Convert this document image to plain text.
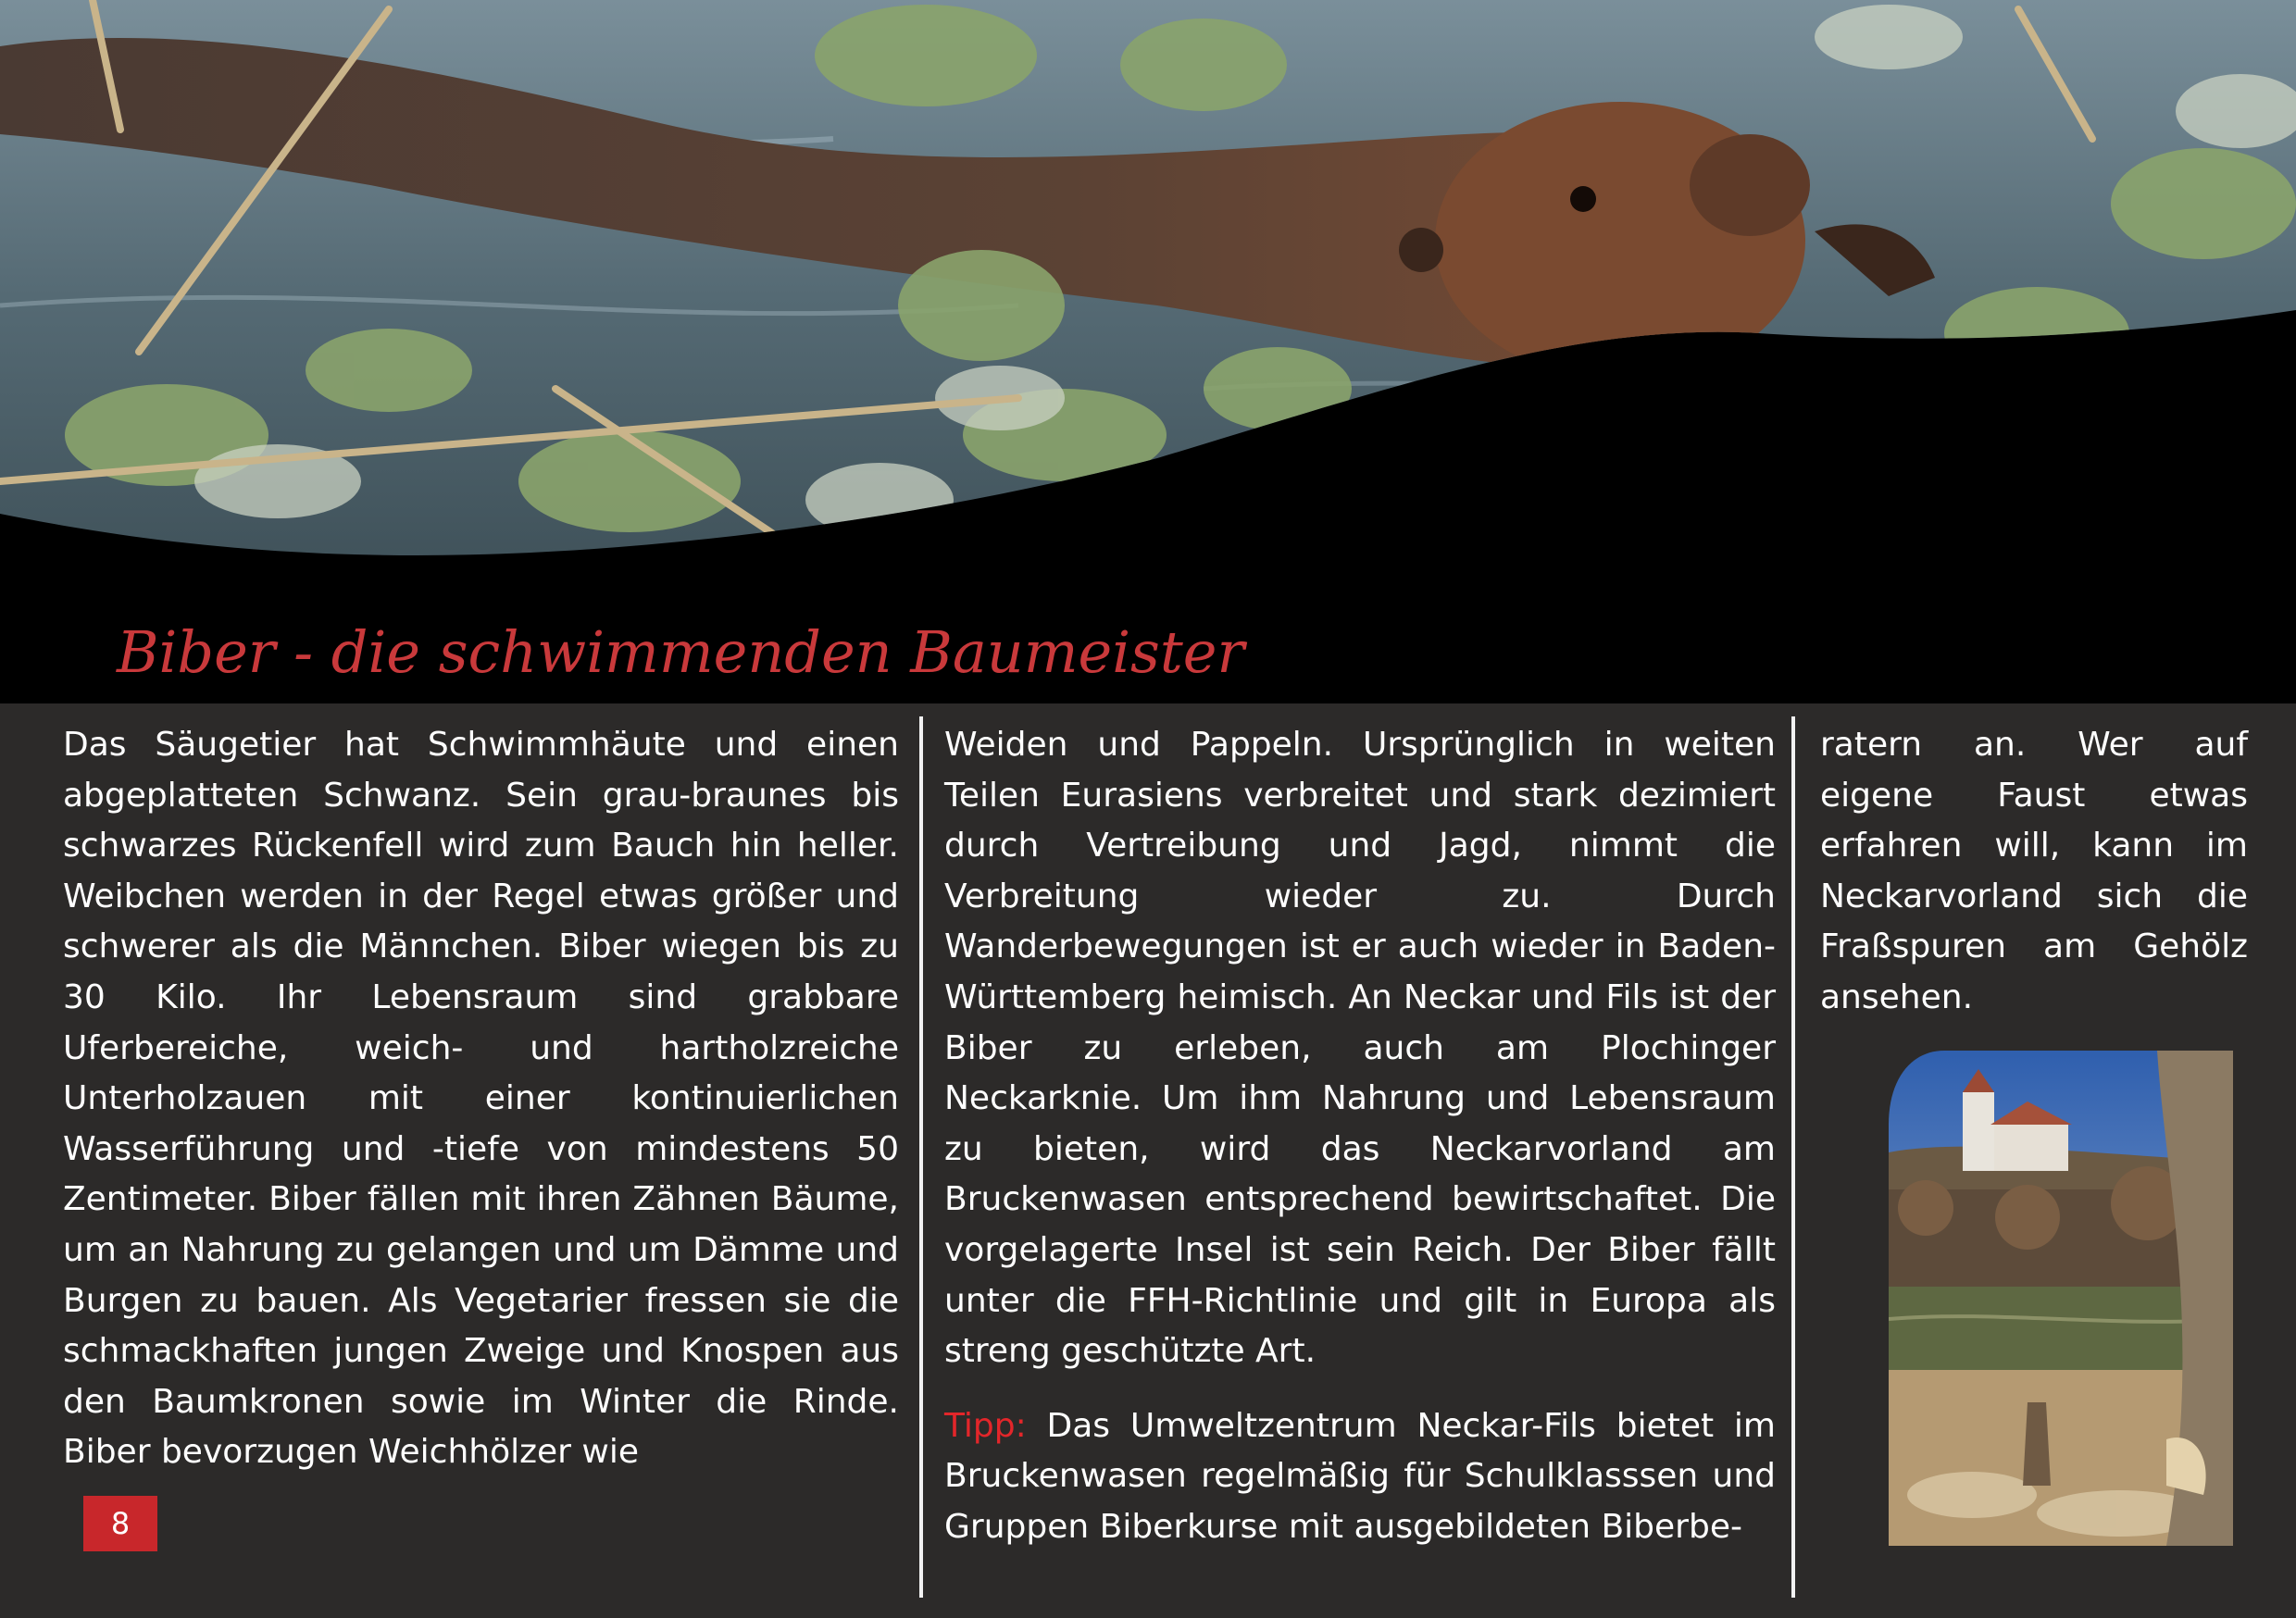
Biber - die schwimmenden Baumeister

Das Säugetier hat Schwimmhäute und einen abgeplatteten Schwanz. Sein grau-braunes bis schwarzes Rückenfell wird zum Bauch hin heller. Weibchen werden in der Regel etwas größer und schwerer als die Männchen. Biber wiegen bis zu 30 Kilo. Ihr Lebensraum sind grabbare Uferbereiche, weich- und hartholzreiche Unterholzauen mit einer kontinuierlichen Wasserführung und -tiefe von mindestens 50 Zentimeter. Biber fällen mit ihren Zähnen Bäume, um an Nahrung zu gelangen und um Dämme und Burgen zu bauen. Als Vegetarier fressen sie die schmackhaften jungen Zweige und Knospen aus den Baumkronen sowie im Winter die Rinde. Biber bevorzugen Weichhölzer wie

Weiden und Pappeln. Ursprünglich in weiten Teilen Eurasiens verbreitet und stark dezimiert durch Vertreibung und Jagd, nimmt die Verbreitung wieder zu. Durch Wanderbewegungen ist er auch wieder in Baden-Württemberg heimisch. An Neckar und Fils ist der Biber zu erleben, auch am Plochinger Neckarknie. Um ihm Nahrung und Lebensraum zu bieten, wird das Neckarvorland am Bruckenwasen entsprechend bewirtschaftet. Die vorgelagerte Insel ist sein Reich. Der Biber fällt unter die FFH-Richtlinie und gilt in Europa als streng geschützte Art.

Tipp: Das Umweltzentrum Neckar-Fils bietet im Bruckenwasen regelmäßig für Schulklasssen und Gruppen Biberkurse mit ausgebildeten Biberbe-

ratern an. Wer auf eigene Faust etwas erfahren will, kann im Neckarvorland sich die Fraßspuren am Gehölz ansehen.

8
